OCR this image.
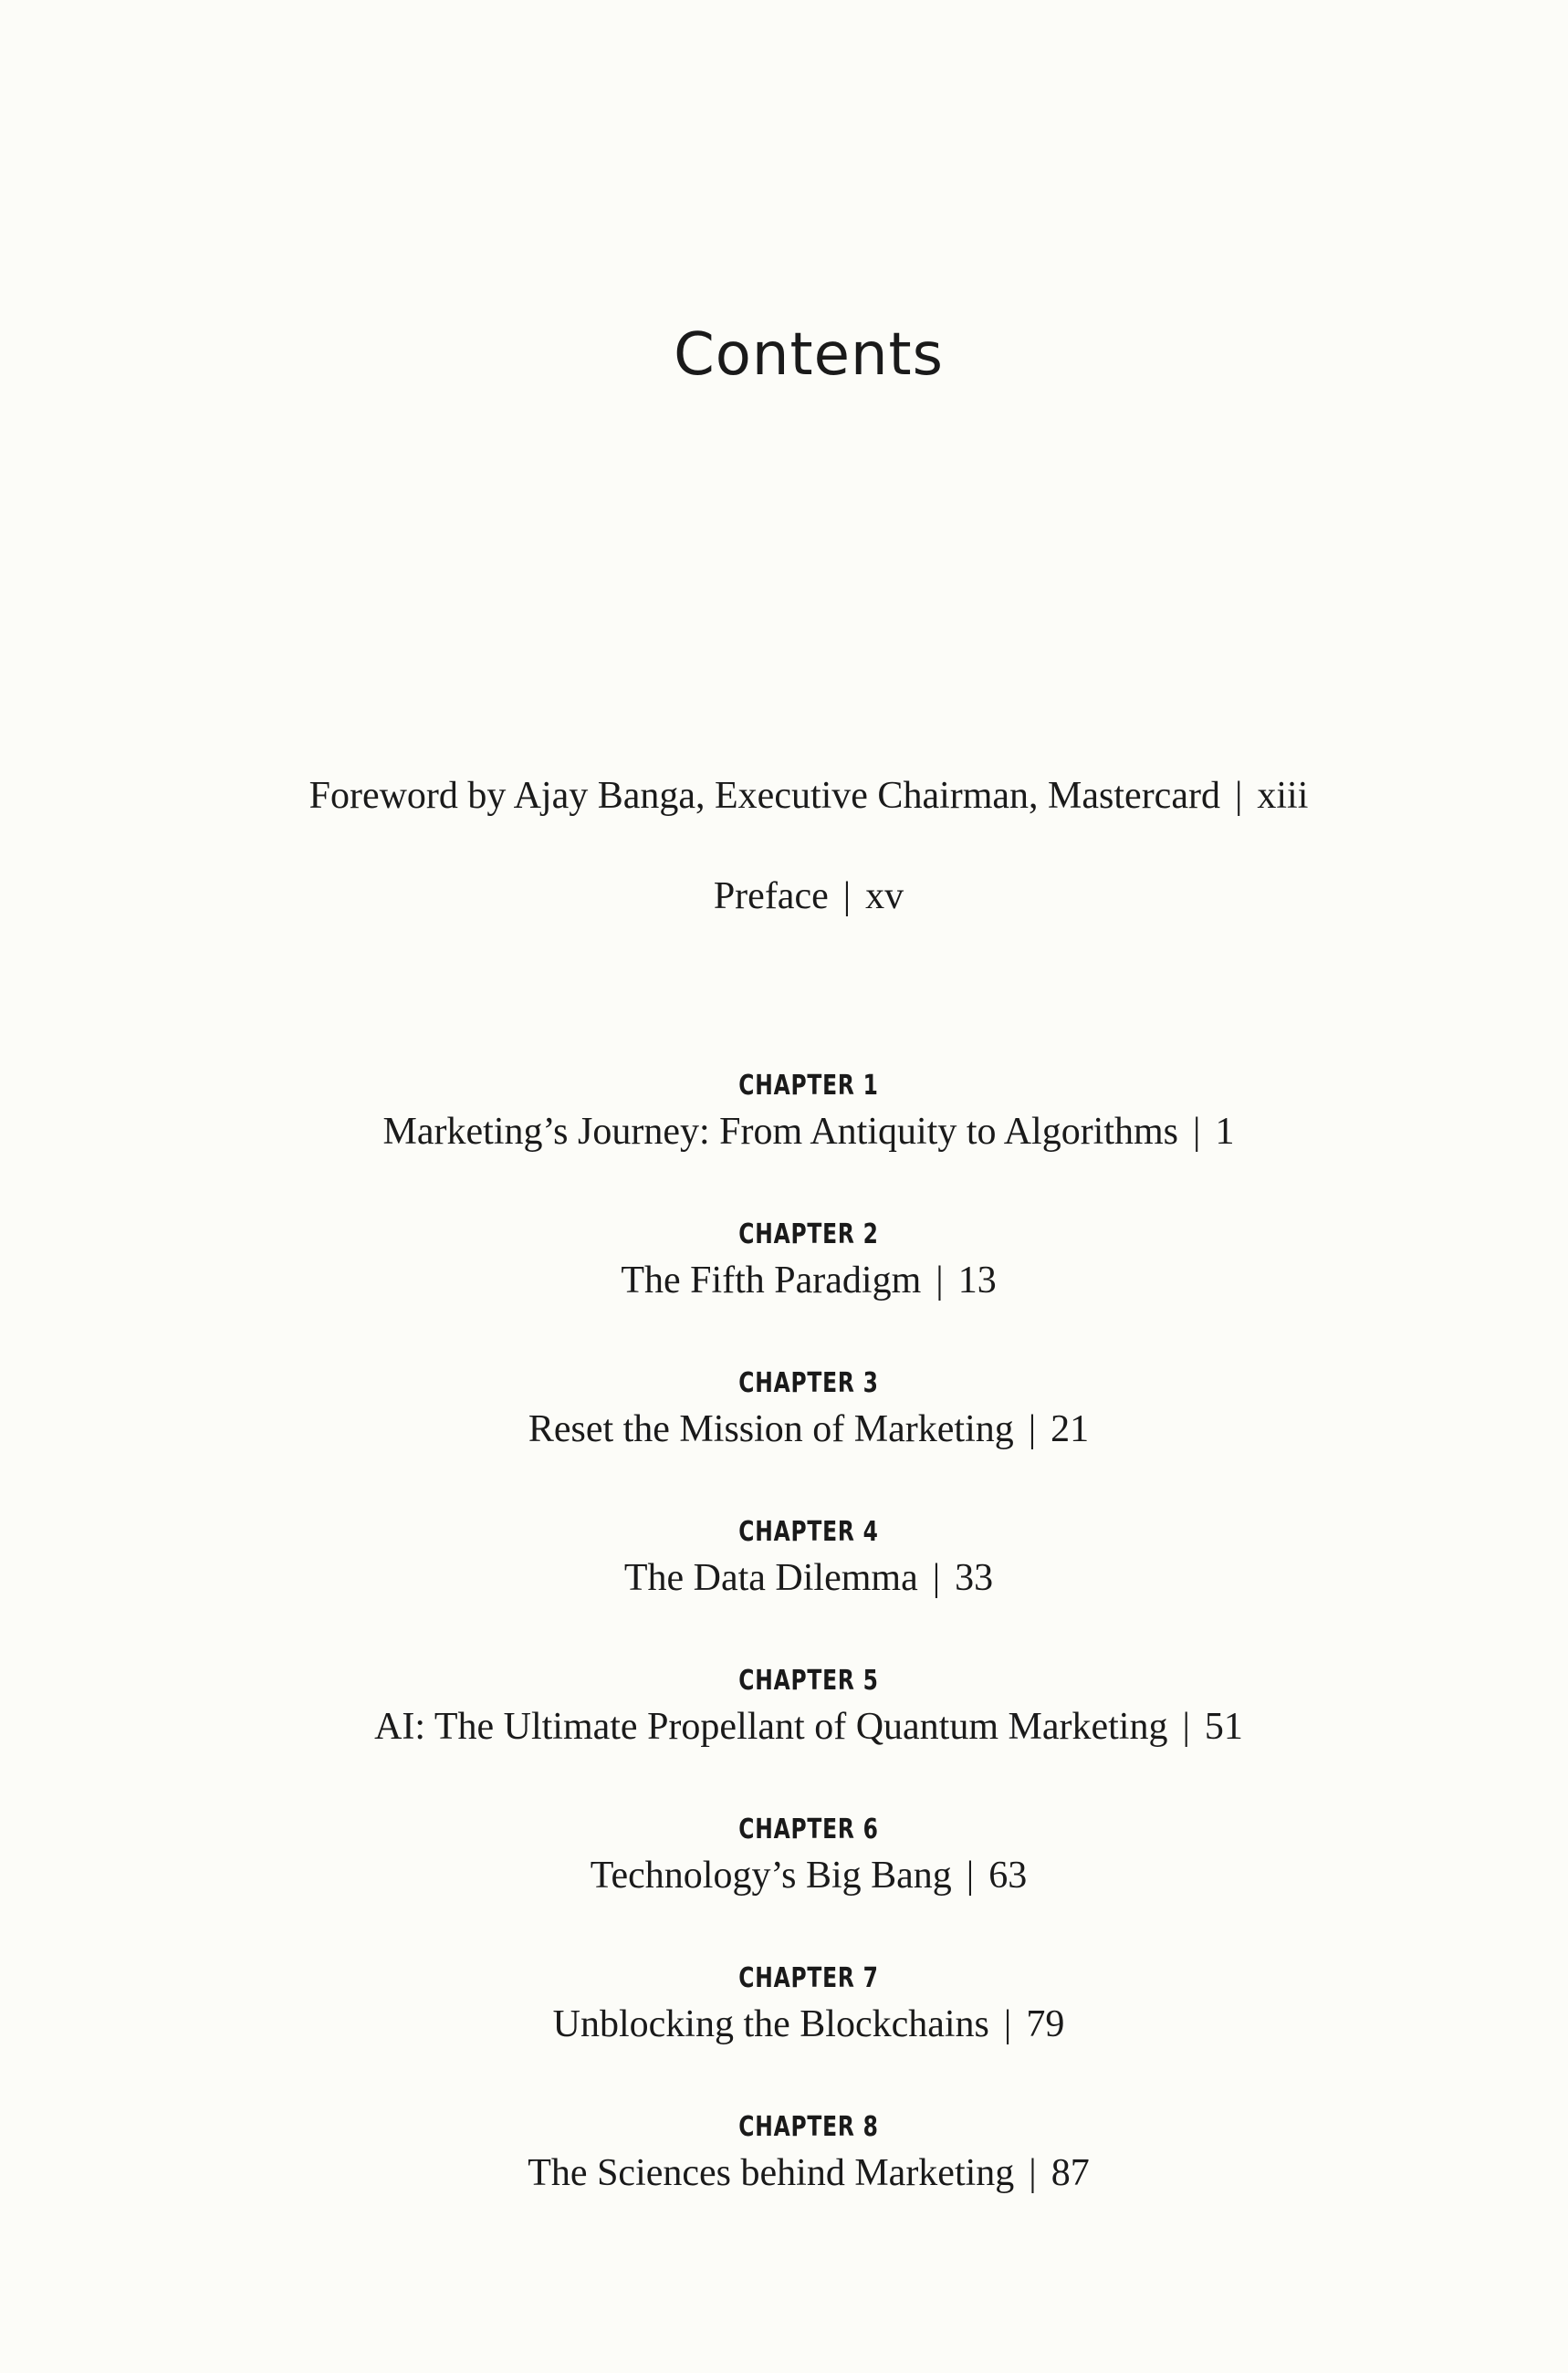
Contents
Foreword by Ajay Banga, Executive Chairman, Mastercard | xiii
Preface | xv
CHAPTER 1
Marketing’s Journey: From Antiquity to Algorithms | 1
CHAPTER 2
The Fifth Paradigm | 13
CHAPTER 3
Reset the Mission of Marketing | 21
CHAPTER 4
The Data Dilemma | 33
CHAPTER 5
AI: The Ultimate Propellant of Quantum Marketing | 51
CHAPTER 6
Technology’s Big Bang | 63
CHAPTER 7
Unblocking the Blockchains | 79
CHAPTER 8
The Sciences behind Marketing | 87
